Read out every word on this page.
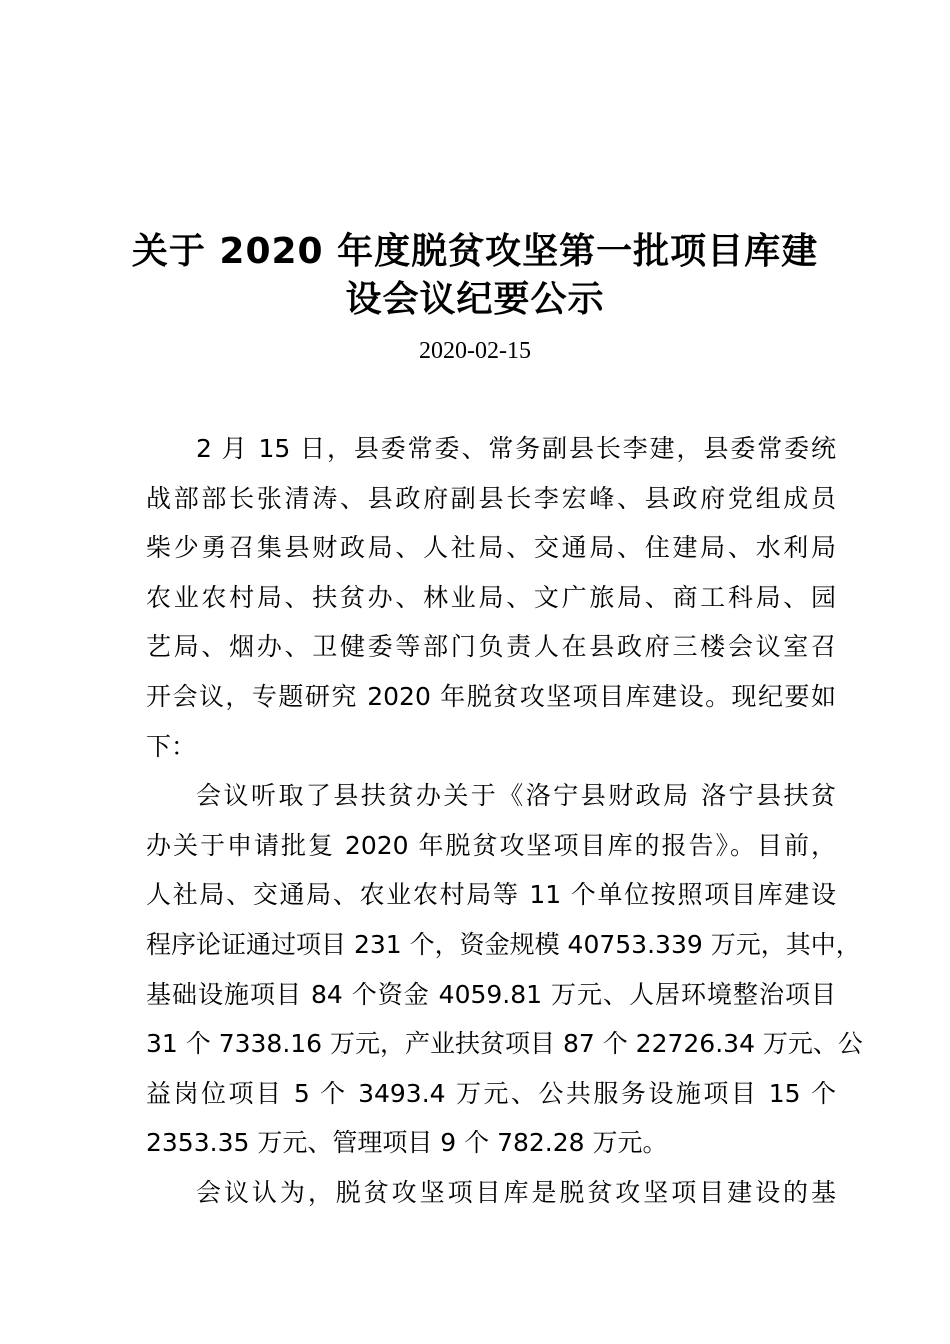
关于 2020 年度脱贫攻坚第一批项目库建
设会议纪要公示
2020-02-15
2 月 15 日，县委常委、常务副县长李建，县委常委统
战部部长张清涛、县政府副县长李宏峰、县政府党组成员
柴少勇召集县财政局、人社局、交通局、住建局、水利局
农业农村局、扶贫办、林业局、文广旅局、商工科局、园
艺局、烟办、卫健委等部门负责人在县政府三楼会议室召
开会议，专题研究 2020 年脱贫攻坚项目库建设。现纪要如
下：
会议听取了县扶贫办关于《洛宁县财政局 洛宁县扶贫
办关于申请批复 2020 年脱贫攻坚项目库的报告》。目前，
人社局、交通局、农业农村局等 11 个单位按照项目库建设
程序论证通过项目 231 个，资金规模 40753.339 万元，其中，
基础设施项目 84 个资金 4059.81 万元、人居环境整治项目
31 个 7338.16 万元，产业扶贫项目 87 个 22726.34 万元、公
益岗位项目 5 个 3493.4 万元、公共服务设施项目 15 个
2353.35 万元、管理项目 9 个 782.28 万元。
会议认为，脱贫攻坚项目库是脱贫攻坚项目建设的基
